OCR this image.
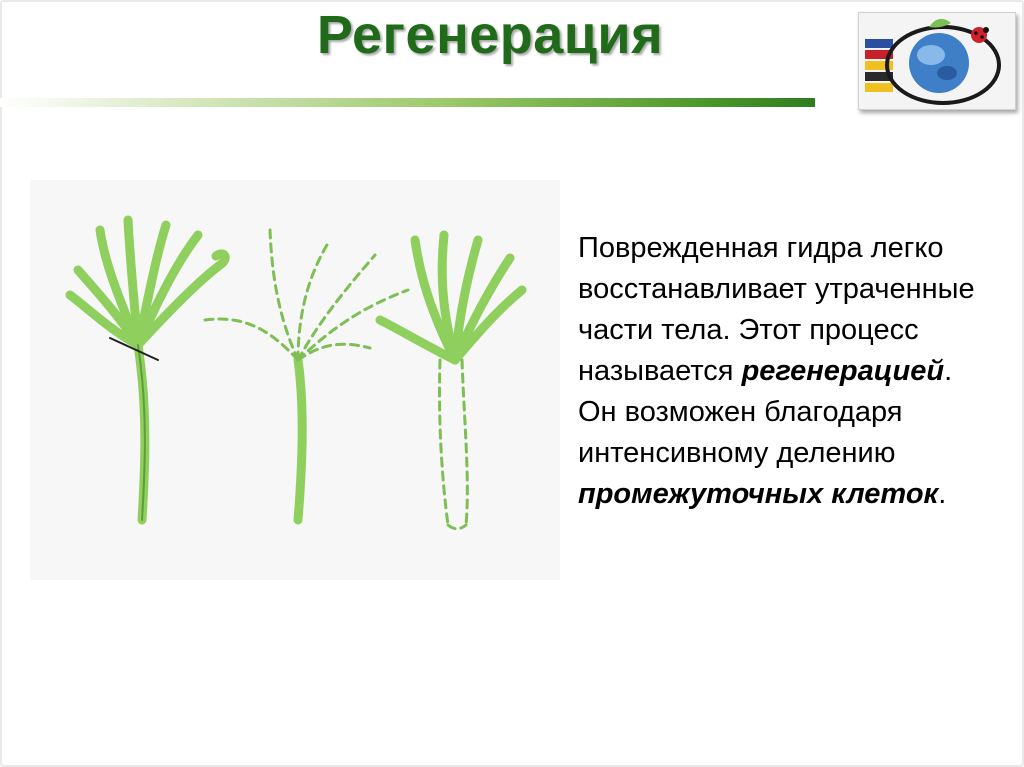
Регенерация
Поврежденная гидра легко восстанавливает утраченные части тела. Этот процесс называется регенерацией. Он возможен благодаря интенсивному делению промежуточных клеток.
